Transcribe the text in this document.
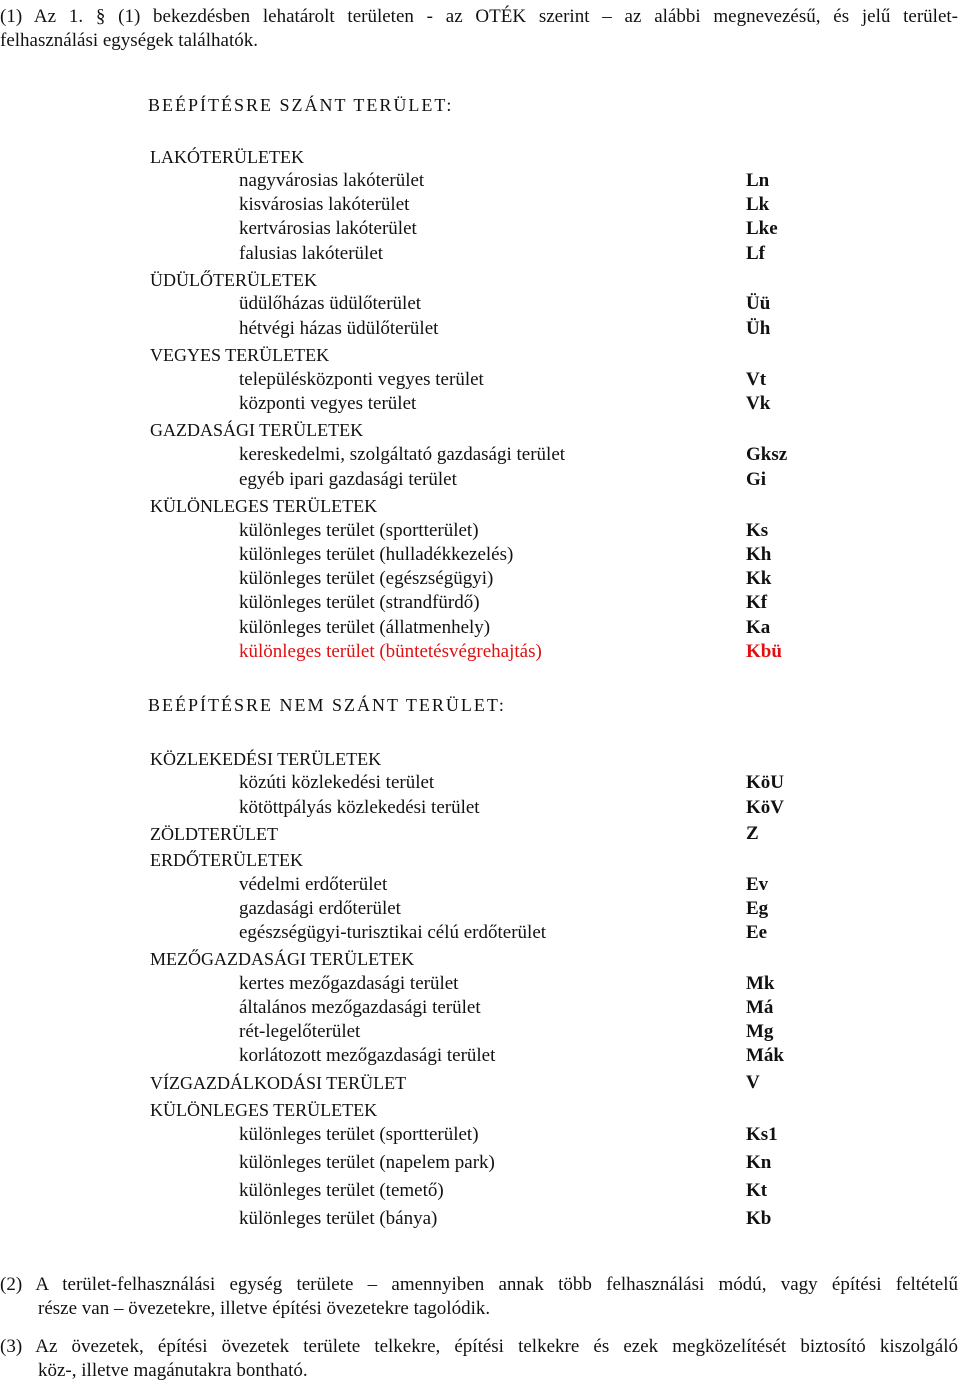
(1) Az 1. § (1) bekezdésben lehatárolt területen - az OTÉK szerint – az alábbi megnevezésű, és jelű terület-
felhasználási egységek találhatók.
BEÉPÍTÉSRE SZÁNT TERÜLET:
LAKÓTERÜLETEK
nagyvárosias lakóterület	Ln
kisvárosias lakóterület	Lk
kertvárosias lakóterület	Lke
falusias lakóterület	Lf
ÜDÜLŐTERÜLETEK
üdülőházas üdülőterület	Üü
hétvégi házas üdülőterület	Üh
VEGYES TERÜLETEK
településközponti vegyes terület	Vt
központi vegyes terület	Vk
GAZDASÁGI TERÜLETEK
kereskedelmi, szolgáltató gazdasági terület	Gksz
egyéb ipari gazdasági terület	Gi
KÜLÖNLEGES TERÜLETEK
különleges terület (sportterület)	Ks
különleges terület (hulladékkezelés)	Kh
különleges terület (egészségügyi)	Kk
különleges terület (strandfürdő)	Kf
különleges terület (állatmenhely)	Ka
különleges terület (büntetésvégrehajtás)	Kbü
BEÉPÍTÉSRE NEM SZÁNT TERÜLET:
KÖZLEKEDÉSI TERÜLETEK
közúti közlekedési terület	KöU
kötöttpályás közlekedési terület	KöV
ZÖLDTERÜLET	Z
ERDŐTERÜLETEK
védelmi erdőterület	Ev
gazdasági erdőterület	Eg
egészségügyi-turisztikai célú erdőterület	Ee
MEZŐGAZDASÁGI TERÜLETEK
kertes mezőgazdasági terület	Mk
általános mezőgazdasági terület	Má
rét-legelőterület	Mg
korlátozott mezőgazdasági terület	Mák
VÍZGAZDÁLKODÁSI TERÜLET	V
KÜLÖNLEGES TERÜLETEK
különleges terület (sportterület)	Ks1
különleges terület (napelem park)	Kn
különleges terület (temető)	Kt
különleges terület (bánya)	Kb
(2) A terület-felhasználási egység területe – amennyiben annak több felhasználási módú, vagy építési feltételű
része van – övezetekre, illetve építési övezetekre tagolódik.
(3) Az övezetek, építési övezetek területe telkekre, építési telkekre és ezek megközelítését biztosító kiszolgáló
köz-, illetve magánutakra bontható.
